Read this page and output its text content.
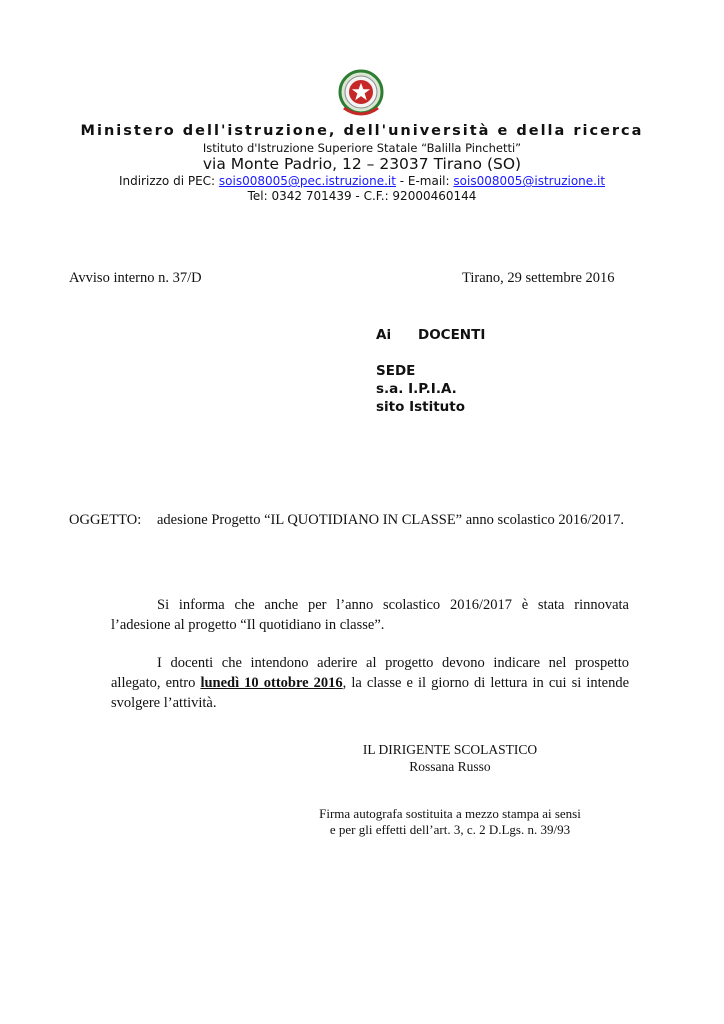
Ministero dell'istruzione, dell'università e della ricerca
Istituto d'Istruzione Superiore Statale “Balilla Pinchetti”
via Monte Padrio, 12 – 23037 Tirano (SO)
Indirizzo di PEC: sois008005@pec.istruzione.it - E-mail: sois008005@istruzione.it
Tel: 0342 701439 - C.F.: 92000460144
Avviso interno n. 37/D	Tirano, 29 settembre 2016
Ai DOCENTI
SEDE
s.a. I.P.I.A.
sito Istituto
OGGETTO: adesione Progetto “IL QUOTIDIANO IN CLASSE” anno scolastico 2016/2017.
Si informa che anche per l’anno scolastico 2016/2017 è stata rinnovata l’adesione al progetto “Il quotidiano in classe”.
I docenti che intendono aderire al progetto devono indicare nel prospetto allegato, entro lunedì 10 ottobre 2016, la classe e il giorno di lettura in cui si intende svolgere l’attività.
IL DIRIGENTE SCOLASTICO
Rossana Russo
Firma autografa sostituita a mezzo stampa ai sensi
e per gli effetti dell’art. 3, c. 2 D.Lgs. n. 39/93
